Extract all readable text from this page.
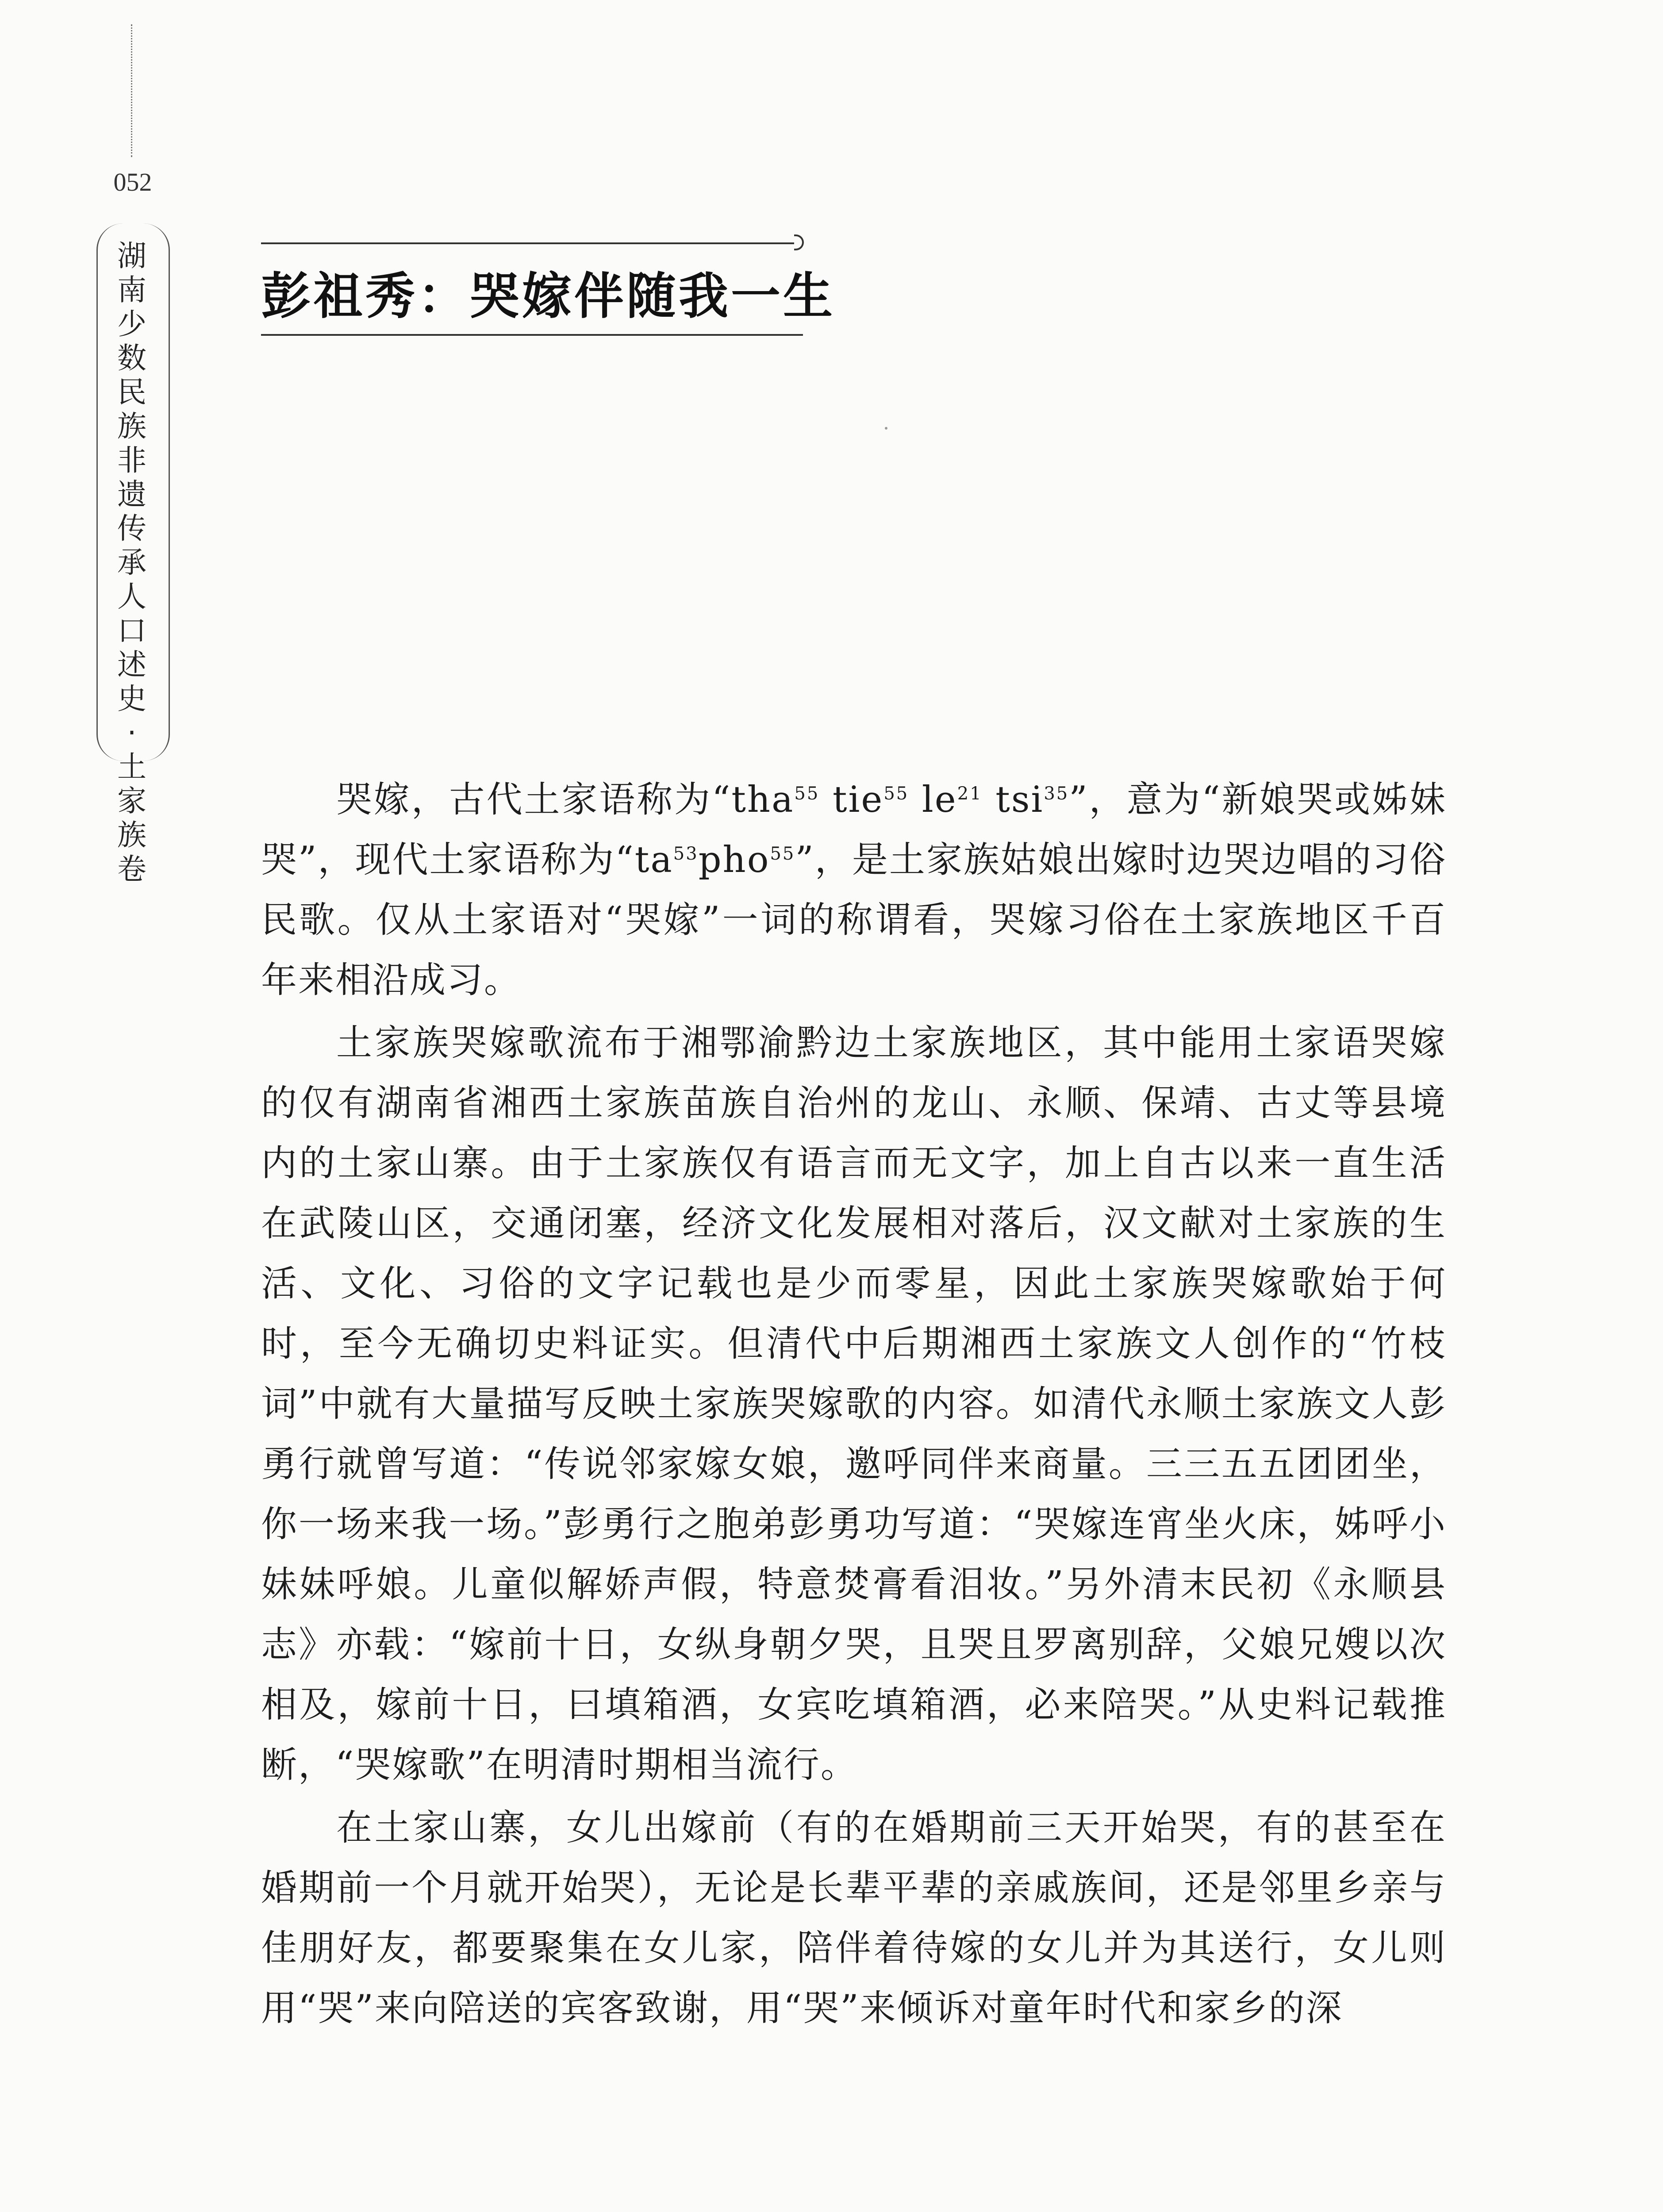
052
湖南少数民族非遗传承人口述史·土家族卷
彭祖秀：哭嫁伴随我一生

哭嫁，古代土家语称为“tha$^{55}$ tie$^{55}$ $le^{21}$ tsi$^{35}$”，意为“新娘哭或姊妹哭”，现代土家语称为“$ta^{53}pho^{55}$”，是土家族姑娘出嫁时边哭边唱的习俗民歌。仅从土家语对“哭嫁”一词的称谓看，哭嫁习俗在土家族地区千百年来相沿成习。

土家族哭嫁歌流布于湘鄂渝黔边土家族地区，其中能用土家语哭嫁的仅有湖南省湘西土家族苗族自治州的龙山、永顺、保靖、古丈等县境内的土家山寨。由于土家族仅有语言而无文字，加上自古以来一直生活在武陵山区，交通闭塞，经济文化发展相对落后，汉文献对土家族的生活、文化、习俗的文字记载也是少而零星，因此土家族哭嫁歌始于何时，至今无确切史料证实。但清代中后期湘西土家族文人创作的“竹枝词”中就有大量描写反映土家族哭嫁歌的内容。如清代永顺土家族文人彭勇行就曾写道：“传说邻家嫁女娘，邀呼同伴来商量。三三五五团团坐，你一场来我一场。”彭勇行之胞弟彭勇功写道：“哭嫁连宵坐火床，姊呼小妹妹呼娘。儿童似解娇声假，特意焚膏看泪妆。”另外清末民初《永顺县志》亦载：“嫁前十日，女纵身朝夕哭，且哭且罗离别辞，父娘兄嫂以次相及，嫁前十日，曰填箱酒，女宾吃填箱酒，必来陪哭。”从史料记载推断，“哭嫁歌”在明清时期相当流行。

在土家山寨，女儿出嫁前（有的在婚期前三天开始哭，有的甚至在婚期前一个月就开始哭），无论是长辈平辈的亲戚族间，还是邻里乡亲与佳朋好友，都要聚集在女儿家，陪伴着待嫁的女儿并为其送行，女儿则用“哭”来向陪送的宾客致谢，用“哭”来倾诉对童年时代和家乡的深
